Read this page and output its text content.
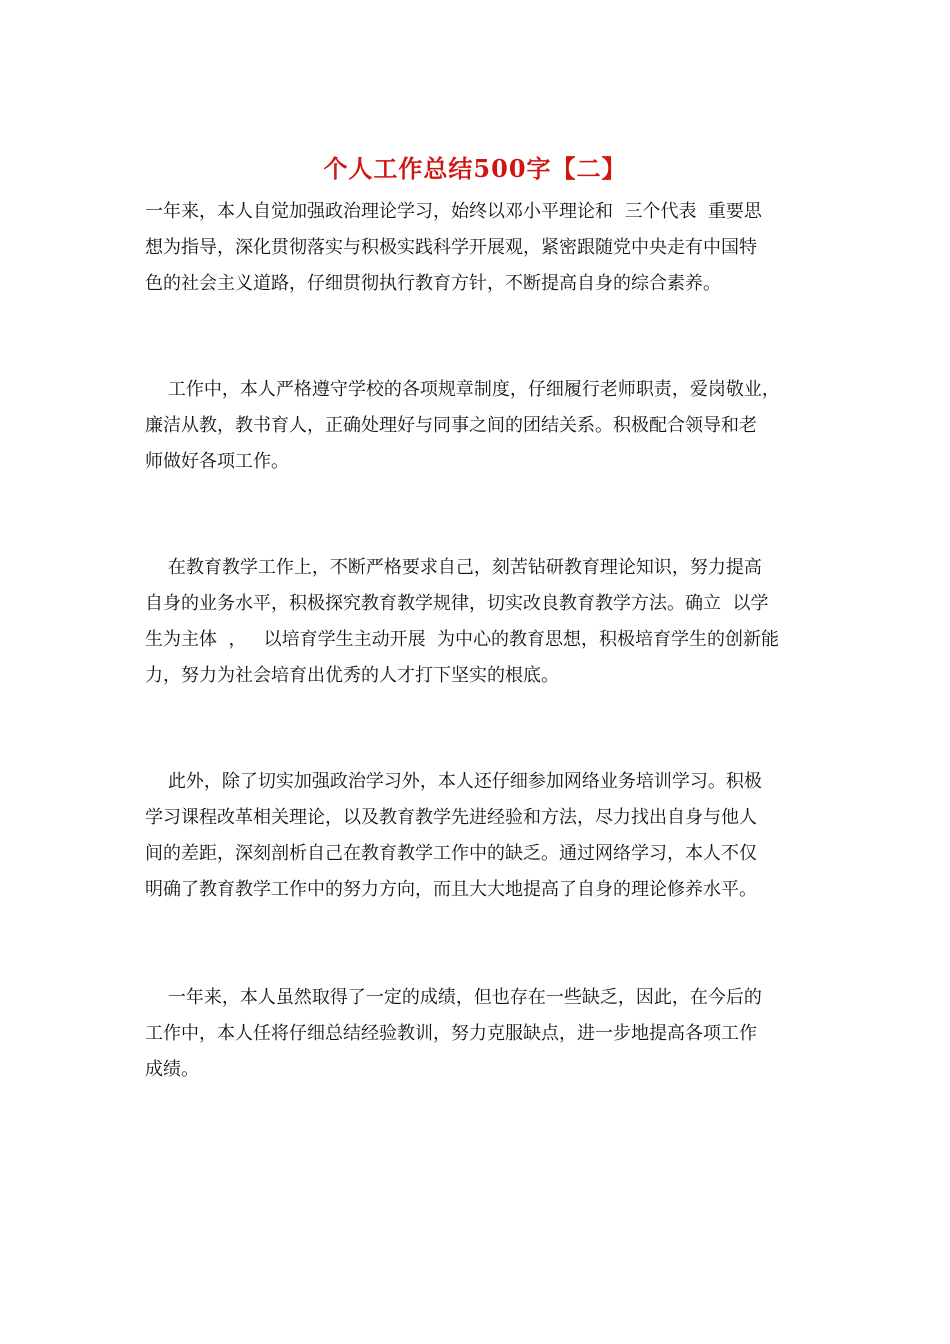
个人工作总结500字【二】
一年来，本人自觉加强政治理论学习，始终以邓小平理论和  三个代表  重要思
想为指导，深化贯彻落实与积极实践科学开展观，紧密跟随党中央走有中国特
色的社会主义道路，仔细贯彻执行教育方针，不断提高自身的综合素养。
工作中，本人严格遵守学校的各项规章制度，仔细履行老师职责，爱岗敬业，
廉洁从教，教书育人，正确处理好与同事之间的团结关系。积极配合领导和老
师做好各项工作。
在教育教学工作上，不断严格要求自己，刻苦钻研教育理论知识，努力提高
自身的业务水平，积极探究教育教学规律，切实改良教育教学方法。确立  以学
生为主体  ，   以培育学生主动开展  为中心的教育思想，积极培育学生的创新能
力，努力为社会培育出优秀的人才打下坚实的根底。
此外，除了切实加强政治学习外，本人还仔细参加网络业务培训学习。积极
学习课程改革相关理论，以及教育教学先进经验和方法，尽力找出自身与他人
间的差距，深刻剖析自己在教育教学工作中的缺乏。通过网络学习，本人不仅
明确了教育教学工作中的努力方向，而且大大地提高了自身的理论修养水平。
一年来，本人虽然取得了一定的成绩，但也存在一些缺乏，因此，在今后的
工作中，本人任将仔细总结经验教训，努力克服缺点，进一步地提高各项工作
成绩。
